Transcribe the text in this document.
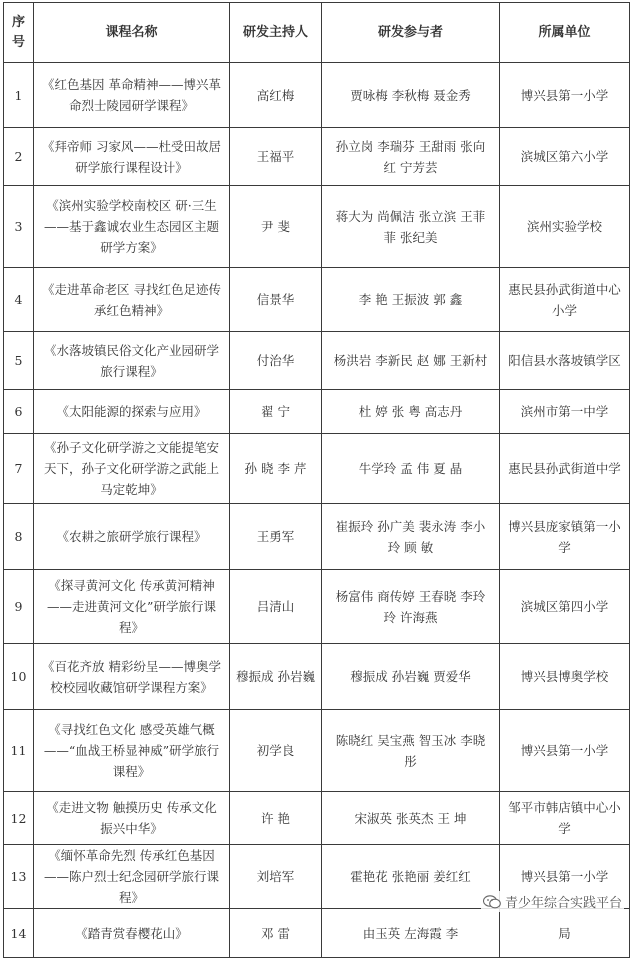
序号	课程名称	研发主持人	研发参与者	所属单位
1	《红色基因 革命精神——博兴革命烈士陵园研学课程》	高红梅	贾咏梅 李秋梅 聂金秀	博兴县第一小学
2	《拜帝师 习家风——杜受田故居研学旅行课程设计》	王福平	孙立岗 李瑞芬 王甜雨 张向红 宁芳芸	滨城区第六小学
3	《滨州实验学校南校区 研·三生——基于鑫诚农业生态园区主题研学方案》	尹 斐	蒋大为 尚佩洁 张立滨 王菲菲 张纪美	滨州实验学校
4	《走进革命老区 寻找红色足迹传承红色精神》	信景华	李 艳 王振波 郭 鑫	惠民县孙武街道中心小学
5	《水落坡镇民俗文化产业园研学旅行课程》	付治华	杨洪岩 李新民 赵 娜 王新村	阳信县水落坡镇学区
6	《太阳能源的探索与应用》	翟 宁	杜 婷 张 粤 高志丹	滨州市第一中学
7	《孙子文化研学游之文能提笔安天下，孙子文化研学游之武能上马定乾坤》	孙 晓 李 芹	牛学玲 孟 伟 夏 晶	惠民县孙武街道中学
8	《农耕之旅研学旅行课程》	王勇军	崔振玲 孙广美 裴永涛 李小玲 顾 敏	博兴县庞家镇第一小学
9	《探寻黄河文化 传承黄河精神——走进黄河文化”研学旅行课程》	吕清山	杨富伟 商传婷 王春晓 李玲玲 许海燕	滨城区第四小学
10	《百花齐放 精彩纷呈——博奥学校校园收藏馆研学课程方案》	穆振成 孙岩巍	穆振成 孙岩巍 贾爱华	博兴县博奥学校
11	《寻找红色文化 感受英雄气概——“血战王桥显神威”研学旅行课程》	初学良	陈晓红 吴宝燕 智玉冰 李晓彤	博兴县第一小学
12	《走进文物 触摸历史 传承文化 振兴中华》	许 艳	宋淑英 张英杰 王 坤	邹平市韩店镇中心小学
13	《缅怀革命先烈 传承红色基因——陈户烈士纪念园研学旅行课程》	刘培军	霍艳花 张艳丽 姜红红	博兴县第一小学
14	《踏青赏春樱花山》	邓 雷	由玉英 左海霞 李	局
青少年综合实践平台
